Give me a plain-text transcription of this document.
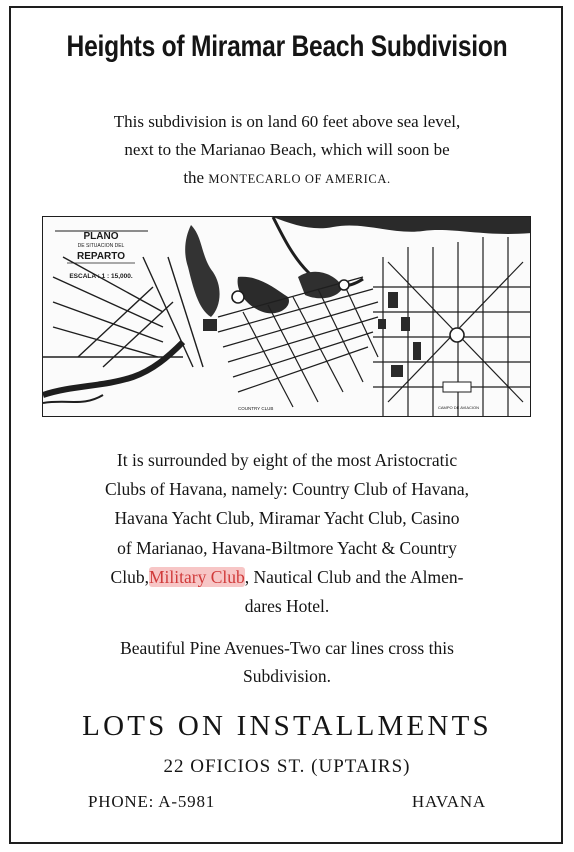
Heights of Miramar Beach Subdivision
This subdivision is on land 60 feet above sea level,
next to the Marianao Beach, which will soon be
the MONTECARLO OF AMERICA.
PLANO
DE SITUACION DEL
REPARTO
ESCALA : 1 : 15,000.
COUNTRY CLUB	CAMPO DE AVIACION
It is surrounded by eight of the most Aristocratic
Clubs of Havana, namely: Country Club of Havana,
Havana Yacht Club, Miramar Yacht Club, Casino
of Marianao, Havana-Biltmore Yacht & Country
Club,Military Club, Nautical Club and the Almen-
dares Hotel.
Beautiful Pine Avenues-Two car lines cross this
Subdivision.
LOTS ON INSTALLMENTS
22 OFICIOS ST. (UPTAIRS)
PHONE: A-5981	HAVANA
